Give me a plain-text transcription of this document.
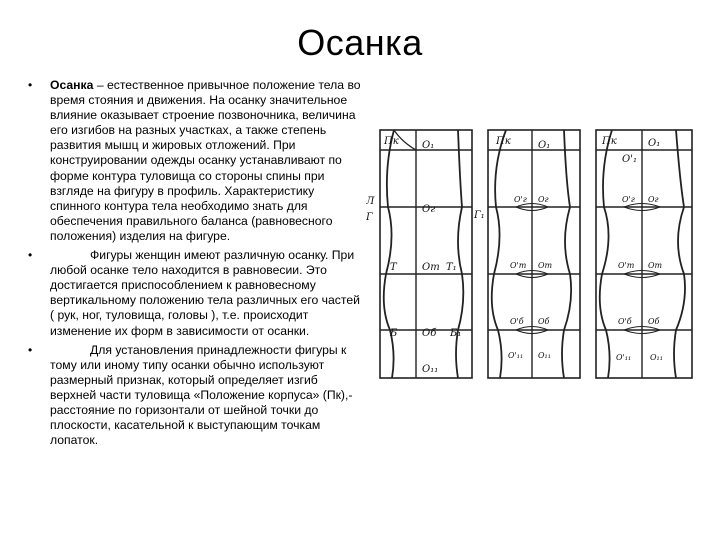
Осанка
• Осанка – естественное привычное положение тела во время стояния и движения. На осанку значительное влияние оказывает строение позвоночника, величина его изгибов на разных участках, а также степень развития мышц и жировых отложений. При конструировании одежды осанку устанавливают по форме контура туловища со стороны спины при взгляде на фигуру в профиль. Характеристику спинного контура тела необходимо знать для обеспечения правильного баланса (равновесного положения) изделия на фигуре.
•	Фигуры женщин имеют различную осанку. При любой осанке тело находится в равновесии. Это достигается приспособлением к равновесному вертикальному положению тела различных его частей ( рук, ног, туловища, головы ), т.е. происходит изменение их форм в зависимости от осанки.
•	Для установления принадлежности фигуры к тому или иному типу осанки обычно используют размерный признак, который определяет изгиб верхней части туловища «Положение корпуса» (Пк),- расстояние по горизонтали от шейной точки до плоскости, касательной к выступающим точкам лопаток.
Пк О₁
Л
Г
Ог
Т	От Т₁
Б Об Б₁
О₁₁
Пк	О₁
Г₁
О'г Ог
О'т От
О'б Об
О'₁₁ О₁₁
Пк	О₁
О'₁
О'г Ог
О'т От
О'б Об
О'₁₁ О₁₁
